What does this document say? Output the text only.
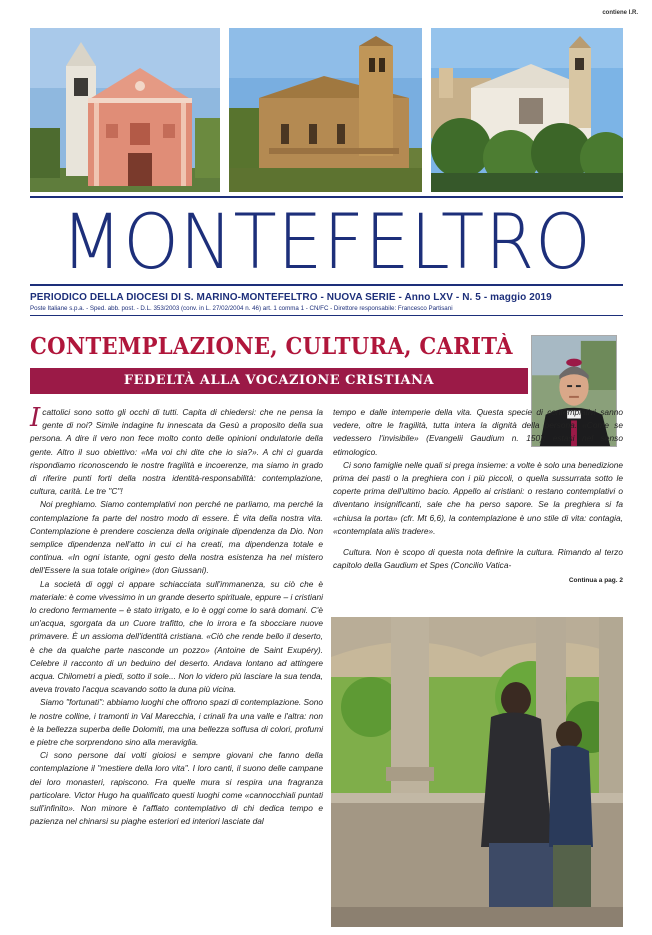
contiene I.R.
MONTEFELTRO
PERIODICO DELLA DIOCESI DI S. MARINO-MONTEFELTRO - NUOVA SERIE - Anno LXV - N. 5 - maggio 2019
Poste Italiane s.p.a. - Sped. abb. post. - D.L. 353/2003 (conv. in L. 27/02/2004 n. 46) art. 1 comma 1 - CN/FC - Direttore responsabile: Francesco Partisani
CONTEMPLAZIONE, CULTURA, CARITÀ
FEDELTÀ ALLA VOCAZIONE CRISTIANA

I cattolici sono sotto gli occhi di tutti. Capita di chiedersi: che ne pensa la gente di noi? Simile indagine fu innescata da Gesù a proposito della sua persona. A dire il vero non fece molto conto delle opinioni ondulatorie della gente. Altro il suo obiettivo: «Ma voi chi dite che io sia?». A chi ci guarda rispondiamo riconoscendo le nostre fragilità e incoerenze, ma siamo in grado di riferire punti forti della nostra identità-responsabilità: contemplazione, cultura, carità. Le tre "C"!

Noi preghiamo. Siamo contemplativi non perché ne parliamo, ma perché la contemplazione fa parte del nostro modo di essere. È vita della nostra vita. Contemplazione è prendere coscienza della originale dipendenza da Dio. Non semplice dipendenza nell'atto in cui ci ha creati, ma dipendenza totale e continua. «In ogni istante, ogni gesto della nostra esistenza ha nel mistero dell'Essere la sua totale origine» (don Giussani).

La società di oggi ci appare schiacciata sull'immanenza, su ciò che è materiale: è come vivessimo in un grande deserto spirituale, eppure – i cristiani lo credono fermamente – è stato irrigato, e lo è oggi come lo sarà domani. C'è un'acqua, sgorgata da un Cuore trafitto, che lo irrora e fa sbocciare nuove primavere. È un assioma dell'identità cristiana. «Ciò che rende bello il deserto, è che da qualche parte nasconde un pozzo» (Antoine de Saint Exupéry). Celebre il racconto di un beduino del deserto. Andava lontano ad attingere acqua. Chilometri a piedi, sotto il sole... Non lo videro più lasciare la sua tenda, aveva trovato l'acqua scavando sotto la duna più vicina.

Siamo "fortunati": abbiamo luoghi che offrono spazi di contemplazione. Sono le nostre colline, i tramonti in Val Marecchia, i crinali fra una valle e l'altra: non è la bellezza superba delle Dolomiti, ma una bellezza soffusa di colori, profumi e pietre che sorprendono sino alla meraviglia.

Ci sono persone dai volti gioiosi e sempre giovani che fanno della contemplazione il "mestiere della loro vita". I loro canti, il suono delle campane dei loro monasteri, rapiscono. Fra quelle mura si respira una fragranza particolare. Victor Hugo ha qualificato questi luoghi come «cannocchiali puntati sull'infinito». Non minore è l'afflato contemplativo di chi dedica tempo e pazienza nel chinarsi su piaghe esteriori ed interiori lasciate dal

tempo e dalle intemperie della vita. Questa specie di contemplativi sanno vedere, oltre le fragilità, tutta intera la dignità della persona. «Come se vedessero l'invisibile» (Evangelii Gaudium n. 150): estasi nel senso etimologico.

Ci sono famiglie nelle quali si prega insieme: a volte è solo una benedizione prima dei pasti o la preghiera con i più piccoli, o quella sussurrata sotto le coperte prima dell'ultimo bacio. Appello ai cristiani: o restano contemplativi o diventano insignificanti, sale che ha perso sapore. Se la preghiera si fa «chiusa la porta» (cfr. Mt 6,6), la contemplazione è uno stile di vita: contagia, «contemplata aliis tradere».

Cultura. Non è scopo di questa nota definire la cultura. Rimando al terzo capitolo della Gaudium et Spes (Concilio Vatica-

Continua a pag. 2
